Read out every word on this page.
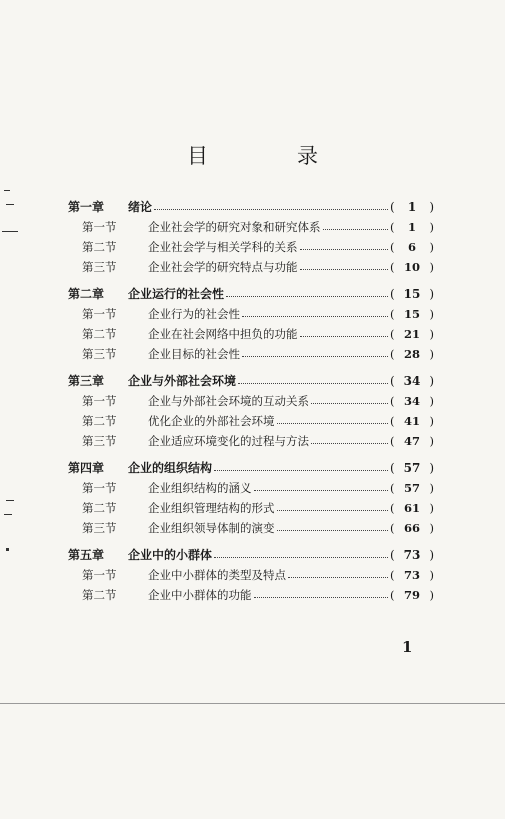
目　录
第一章	绪论	(	1	)
第一节	企业社会学的研究对象和研究体系	(	1	)
第二节	企业社会学与相关学科的关系	(	6	)
第三节	企业社会学的研究特点与功能	( 10 )
第二章	企业运行的社会性	( 15 )
第一节	企业行为的社会性	( 15 )
第二节	企业在社会网络中担负的功能	( 21 )
第三节	企业目标的社会性	( 28 )
第三章	企业与外部社会环境	( 34 )
第一节	企业与外部社会环境的互动关系	( 34 )
第二节	优化企业的外部社会环境	( 41 )
第三节	企业适应环境变化的过程与方法	( 47 )
第四章	企业的组织结构	( 57 )
第一节	企业组织结构的涵义	( 57 )
第二节	企业组织管理结构的形式	( 61 )
第三节	企业组织领导体制的演变	( 66 )
第五章	企业中的小群体	( 73 )
第一节	企业中小群体的类型及特点	( 73 )
第二节	企业中小群体的功能	( 79 )
1
